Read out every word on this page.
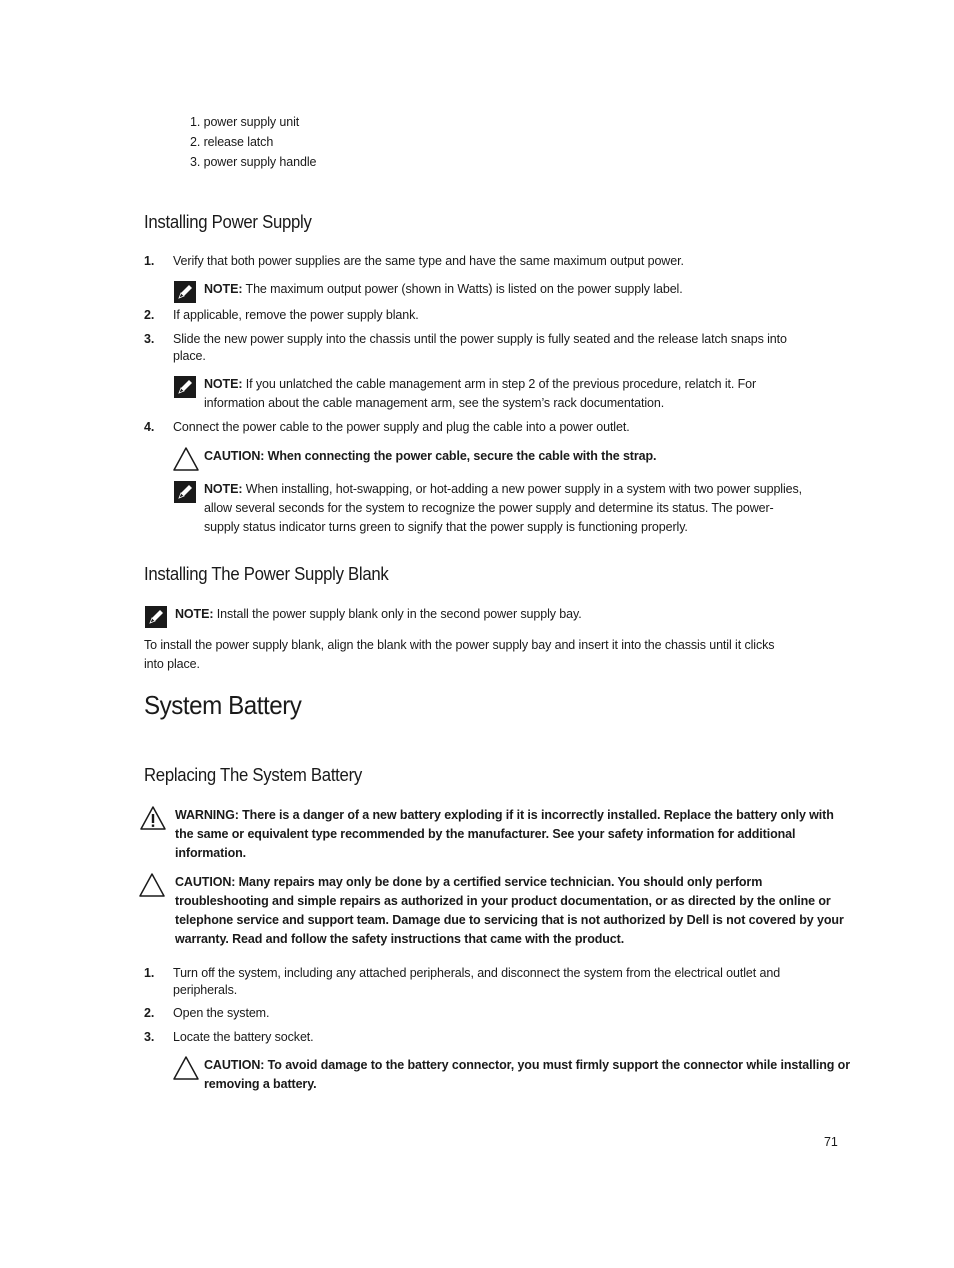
1. power supply unit
2. release latch
3. power supply handle
Installing Power Supply
1. Verify that both power supplies are the same type and have the same maximum output power.
NOTE: The maximum output power (shown in Watts) is listed on the power supply label.
2. If applicable, remove the power supply blank.
3. Slide the new power supply into the chassis until the power supply is fully seated and the release latch snaps into
place.
NOTE: If you unlatched the cable management arm in step 2 of the previous procedure, relatch it. For
information about the cable management arm, see the system’s rack documentation.
4. Connect the power cable to the power supply and plug the cable into a power outlet.
CAUTION: When connecting the power cable, secure the cable with the strap.
NOTE: When installing, hot-swapping, or hot-adding a new power supply in a system with two power supplies,
allow several seconds for the system to recognize the power supply and determine its status. The power-
supply status indicator turns green to signify that the power supply is functioning properly.
Installing The Power Supply Blank
NOTE: Install the power supply blank only in the second power supply bay.
To install the power supply blank, align the blank with the power supply bay and insert it into the chassis until it clicks
into place.
System Battery
Replacing The System Battery
WARNING: There is a danger of a new battery exploding if it is incorrectly installed. Replace the battery only with
the same or equivalent type recommended by the manufacturer. See your safety information for additional
information.
CAUTION: Many repairs may only be done by a certified service technician. You should only perform
troubleshooting and simple repairs as authorized in your product documentation, or as directed by the online or
telephone service and support team. Damage due to servicing that is not authorized by Dell is not covered by your
warranty. Read and follow the safety instructions that came with the product.
1. Turn off the system, including any attached peripherals, and disconnect the system from the electrical outlet and
peripherals.
2. Open the system.
3. Locate the battery socket.
CAUTION: To avoid damage to the battery connector, you must firmly support the connector while installing or
removing a battery.
71
